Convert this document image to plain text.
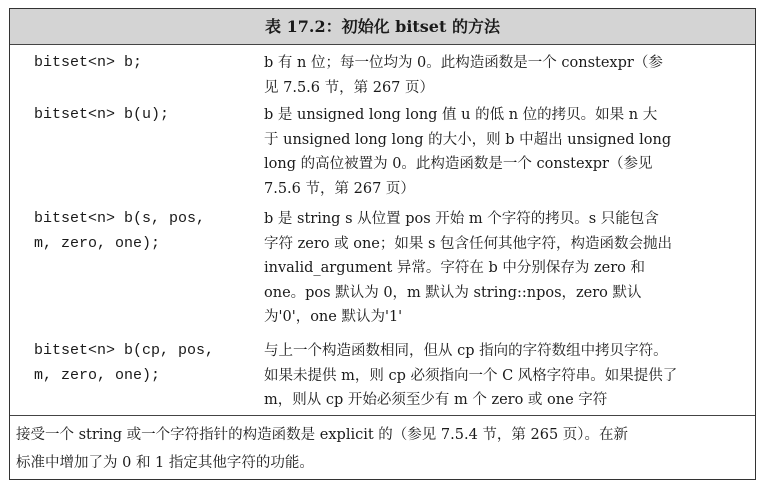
表 17.2：初始化 bitset 的方法
bitset<n> b;	b 有 n 位；每一位均为 0。此构造函数是一个 constexpr（参
见 7.5.6 节，第 267 页）
bitset<n> b(u);	b 是 unsigned long long 值 u 的低 n 位的拷贝。如果 n 大
于 unsigned long long 的大小，则 b 中超出 unsigned long
long 的高位被置为 0。此构造函数是一个 constexpr（参见
7.5.6 节，第 267 页）
bitset<n> b(s, pos,
m, zero, one);
b 是 string s 从位置 pos 开始 m 个字符的拷贝。s 只能包含
字符 zero 或 one；如果 s 包含任何其他字符，构造函数会抛出
invalid_argument 异常。字符在 b 中分别保存为 zero 和
one。pos 默认为 0，m 默认为 string::npos，zero 默认
为'0'，one 默认为'1'
bitset<n> b(cp, pos,
m, zero, one);
与上一个构造函数相同，但从 cp 指向的字符数组中拷贝字符。
如果未提供 m，则 cp 必须指向一个 C 风格字符串。如果提供了
m，则从 cp 开始必须至少有 m 个 zero 或 one 字符
接受一个 string 或一个字符指针的构造函数是 explicit 的（参见 7.5.4 节，第 265 页）。在新
标准中增加了为 0 和 1 指定其他字符的功能。
